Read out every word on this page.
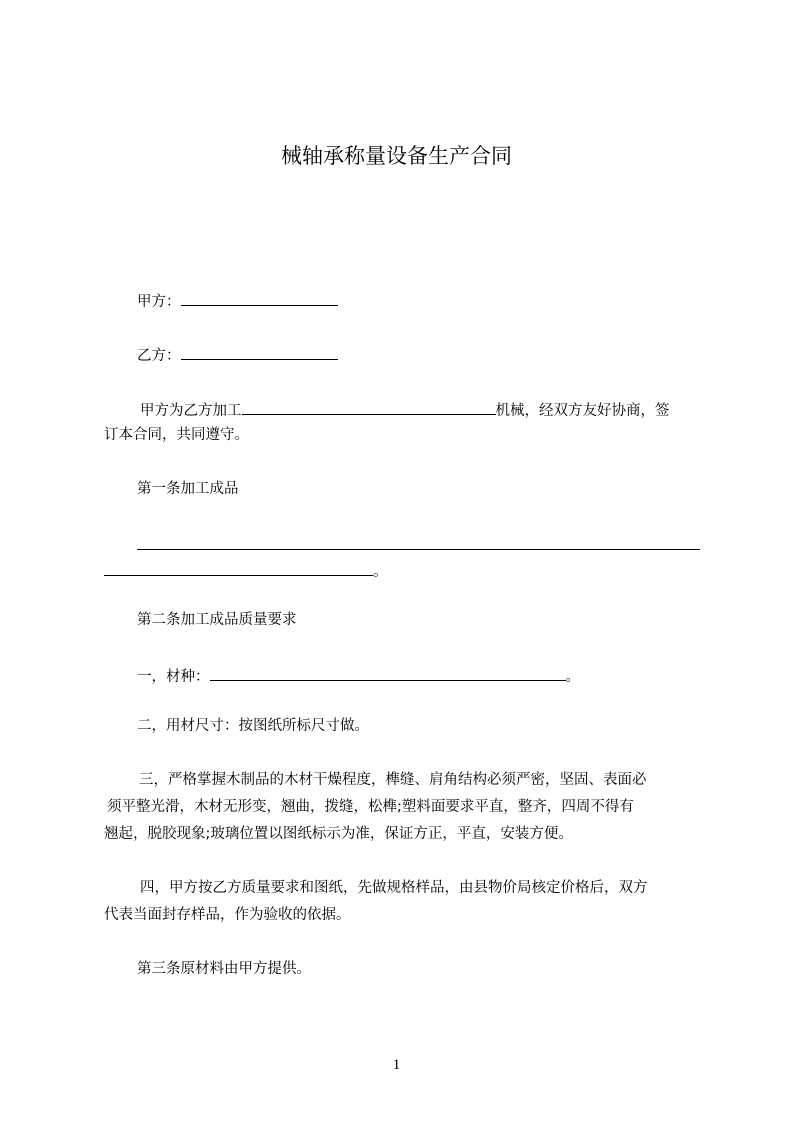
械轴承称量设备生产合同
甲方：
乙方：
甲方为乙方加工	机械，经双方友好协商，签
订本合同，共同遵守。
第一条加工成品
。
第二条加工成品质量要求
一，材种：	。
二，用材尺寸：按图纸所标尺寸做。
三，严格掌握木制品的木材干燥程度，榫缝、肩角结构必须严密，坚固、表面必
须平整光滑，木材无形变，翘曲，拨缝，松榫;塑料面要求平直，整齐，四周不得有
翘起，脱胶现象;玻璃位置以图纸标示为准，保证方正，平直，安装方便。
四，甲方按乙方质量要求和图纸，先做规格样品，由县物价局核定价格后，双方
代表当面封存样品，作为验收的依据。
第三条原材料由甲方提供。
1
